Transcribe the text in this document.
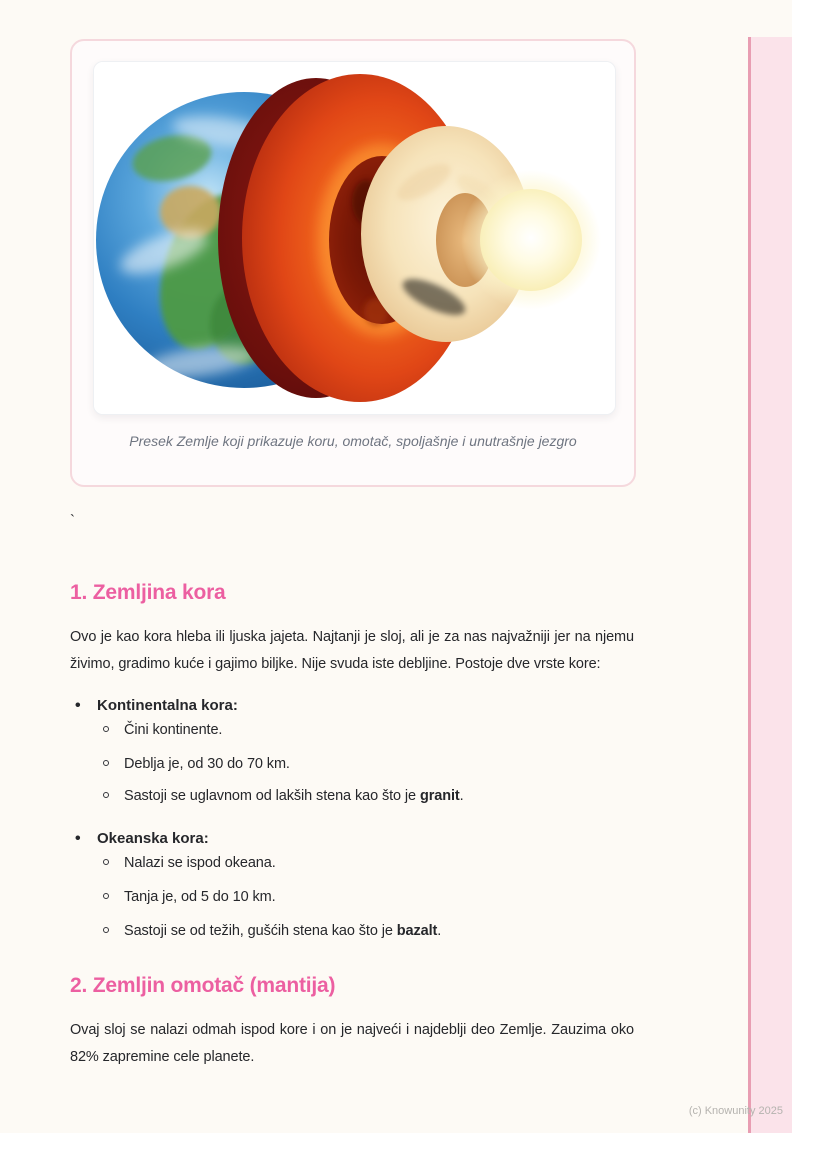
Presek Zemlje koji prikazuje koru, omotač, spoljašnje i unutrašnje jezgro
`
1. Zemljina kora

Ovo je kao kora hleba ili ljuska jajeta. Najtanji je sloj, ali je za nas najvažniji jer na njemu živimo, gradimo kuće i gajimo biljke. Nije svuda iste debljine. Postoje dve vrste kore:

• Kontinentalna kora:
Čini kontinente.
Deblja je, od 30 do 70 km.
Sastoji se uglavnom od lakših stena kao što je granit.
• Okeanska kora:
Nalazi se ispod okeana.
Tanja je, od 5 do 10 km.
Sastoji se od težih, gušćih stena kao što je bazalt.
2. Zemljin omotač (mantija)

Ovaj sloj se nalazi odmah ispod kore i on je najveći i najdeblji deo Zemlje. Zauzima oko 82% zapremine cele planete.

(c) Knowunity 2025
